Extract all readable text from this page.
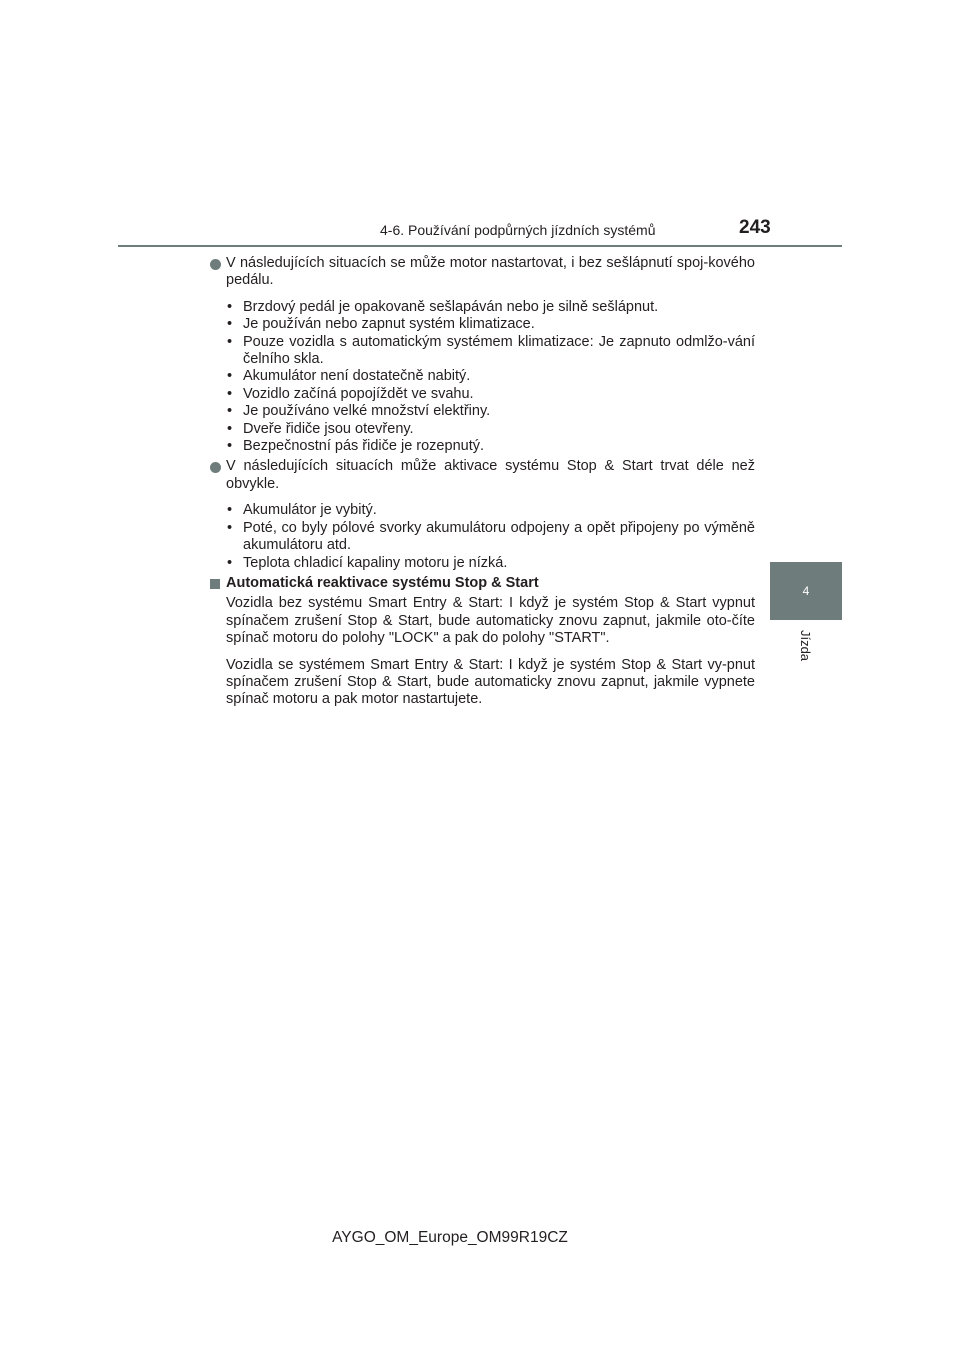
4-6. Používání podpůrných jízdních systémů	243
4
Jízda

V následujících situacích se může motor nastartovat, i bez sešlápnutí spoj-kového pedálu.

• Brzdový pedál je opakovaně sešlapáván nebo je silně sešlápnut.
• Je používán nebo zapnut systém klimatizace.
• Pouze vozidla s automatickým systémem klimatizace: Je zapnuto odmlžo-vání čelního skla.
• Akumulátor není dostatečně nabitý.
• Vozidlo začíná popojíždět ve svahu.
• Je používáno velké množství elektřiny.
• Dveře řidiče jsou otevřeny.
• Bezpečnostní pás řidiče je rozepnutý.

V následujících situacích může aktivace systému Stop & Start trvat déle než obvykle.

• Akumulátor je vybitý.
• Poté, co byly pólové svorky akumulátoru odpojeny a opět připojeny po výměně akumulátoru atd.
• Teplota chladicí kapaliny motoru je nízká.

Automatická reaktivace systému Stop & Start

Vozidla bez systému Smart Entry & Start: I když je systém Stop & Start vypnut spínačem zrušení Stop & Start, bude automaticky znovu zapnut, jakmile oto-číte spínač motoru do polohy "LOCK" a pak do polohy "START".

Vozidla se systémem Smart Entry & Start: I když je systém Stop & Start vy-pnut spínačem zrušení Stop & Start, bude automaticky znovu zapnut, jakmile vypnete spínač motoru a pak motor nastartujete.

AYGO_OM_Europe_OM99R19CZ
